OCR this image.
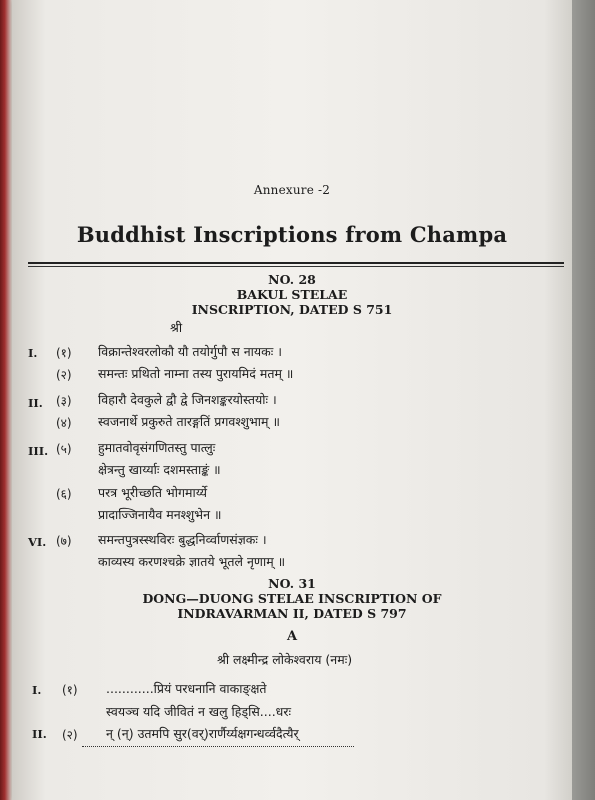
Annexure -2
Buddhist Inscriptions from Champa
NO. 28
BAKUL STELAE
INSCRIPTION, DATED S 751
श्री
I. (१) विक्रान्तेश्वरलोकौ यौ तयोर्गुपौ स नायकः ।
(२) समन्तः प्रथितो नाम्ना तस्य पुरायमिदं मतम् ॥
II. (३) विहारौ देवकुले द्वौ द्वे जिनशङ्करयोस्तयोः ।
(४) स्वजनार्थे प्रकुरुते तारङ्गतिं प्रगवश्शुभाम् ॥
III. (५) हुमातवोवृसंगणितस्तु पात्लुः
क्षेत्रन्तु खार्य्याः दशमस्ताङ्कं ॥
(६) परत्र भूरीच्छति भोगमार्य्ये
प्रादाज्जिनायैव मनश्शुभेन ॥
VI. (७) समन्तपुत्रस्स्थविरः बुद्धनिर्व्वाणसंज्ञकः ।
काव्यस्य करणश्चक्रे ज्ञातये भूतले नृणाम् ॥
NO. 31
DONG—DUONG STELAE INSCRIPTION OF
INDRAVARMAN II, DATED S 797
A
श्री लक्ष्मीन्द्र लोकेश्वराय (नमः)
I. (१) ............प्रियं परधनानि वाकाङ्क्षते
स्वयञ्च यदि जीवितं न खलु हिड्सि....धरः
II. (२) न् (न्) उतमपि सुर(वर्)रार्णैर्य्यक्षगन्धर्व्वदैत्यैर्
